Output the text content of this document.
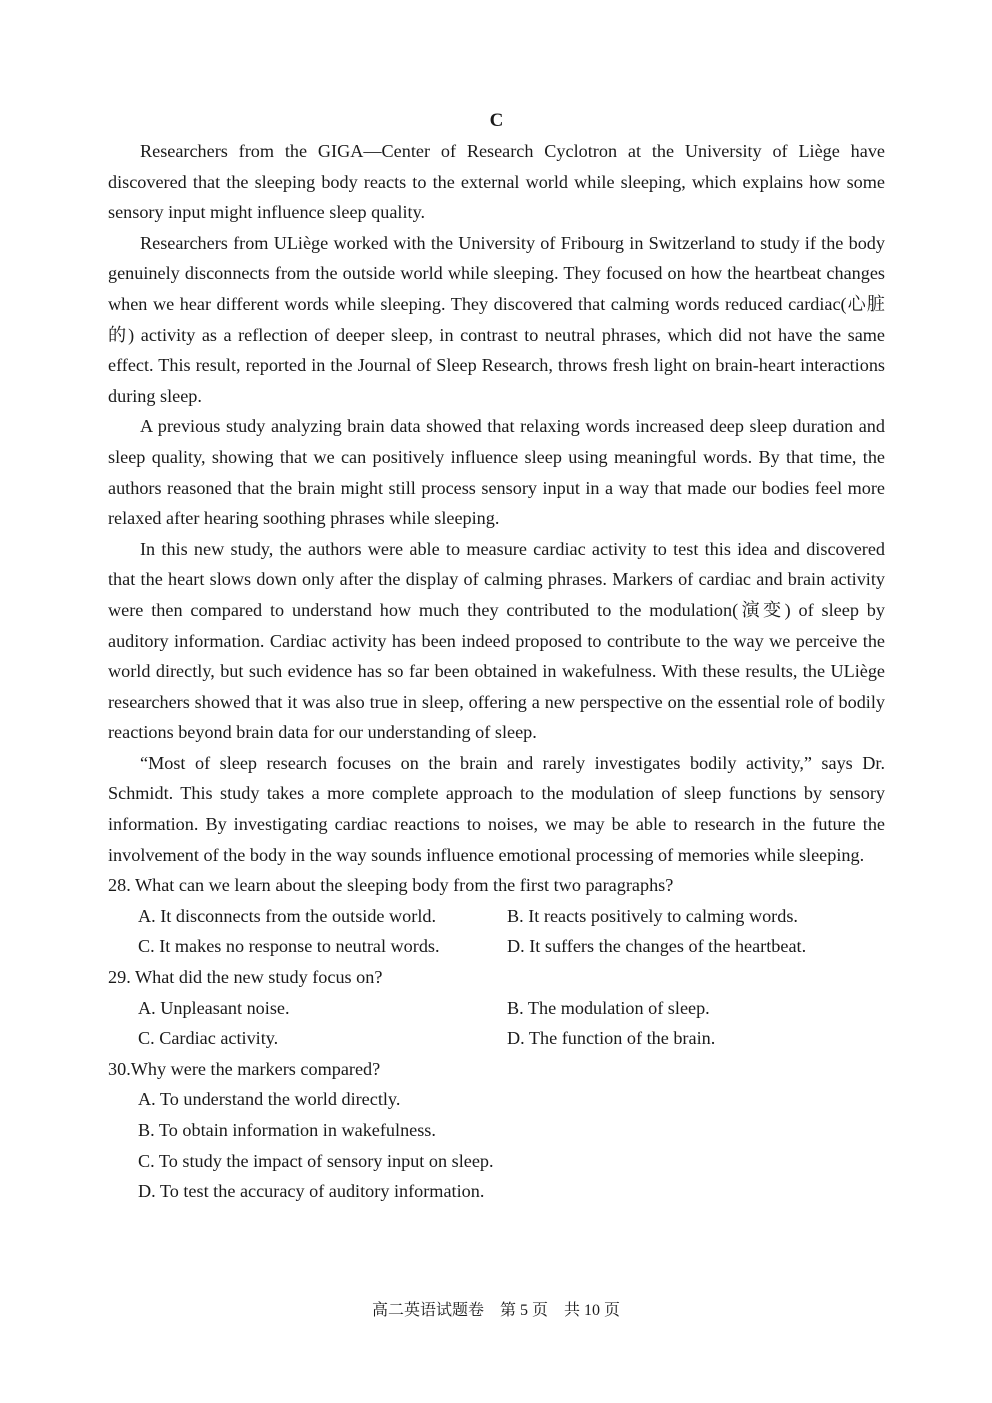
C

Researchers from the GIGA—Center of Research Cyclotron at the University of Liège have discovered that the sleeping body reacts to the external world while sleeping, which explains how some sensory input might influence sleep quality.

Researchers from ULiège worked with the University of Fribourg in Switzerland to study if the body genuinely disconnects from the outside world while sleeping. They focused on how the heartbeat changes when we hear different words while sleeping. They discovered that calming words reduced cardiac(心脏的) activity as a reflection of deeper sleep, in contrast to neutral phrases, which did not have the same effect. This result, reported in the Journal of Sleep Research, throws fresh light on brain-heart interactions during sleep.

A previous study analyzing brain data showed that relaxing words increased deep sleep duration and sleep quality, showing that we can positively influence sleep using meaningful words. By that time, the authors reasoned that the brain might still process sensory input in a way that made our bodies feel more relaxed after hearing soothing phrases while sleeping.

In this new study, the authors were able to measure cardiac activity to test this idea and discovered that the heart slows down only after the display of calming phrases. Markers of cardiac and brain activity were then compared to understand how much they contributed to the modulation(演变) of sleep by auditory information. Cardiac activity has been indeed proposed to contribute to the way we perceive the world directly, but such evidence has so far been obtained in wakefulness. With these results, the ULiège researchers showed that it was also true in sleep, offering a new perspective on the essential role of bodily reactions beyond brain data for our understanding of sleep.

“Most of sleep research focuses on the brain and rarely investigates bodily activity,” says Dr. Schmidt. This study takes a more complete approach to the modulation of sleep functions by sensory information. By investigating cardiac reactions to noises, we may be able to research in the future the involvement of the body in the way sounds influence emotional processing of memories while sleeping.

28. What can we learn about the sleeping body from the first two paragraphs?
A. It disconnects from the outside world.	B. It reacts positively to calming words.
C. It makes no response to neutral words.	D. It suffers the changes of the heartbeat.
29. What did the new study focus on?
A. Unpleasant noise.	B. The modulation of sleep.
C. Cardiac activity.	D. The function of the brain.
30.Why were the markers compared?
A. To understand the world directly.
B. To obtain information in wakefulness.
C. To study the impact of sensory input on sleep.
D. To test the accuracy of auditory information.
高二英语试题卷　第 5 页　共 10 页
